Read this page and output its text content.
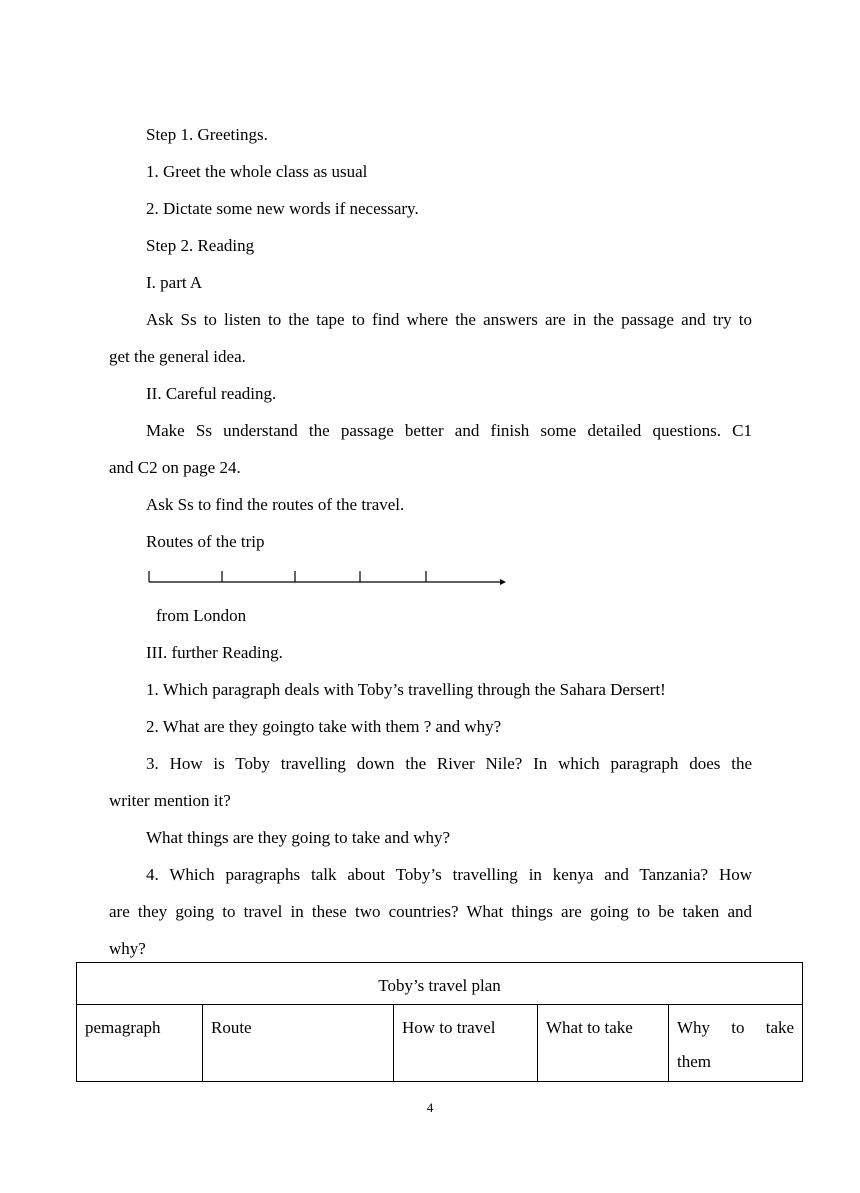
Step 1. Greetings.
1. Greet the whole class as usual
2. Dictate some new words if necessary.
Step 2. Reading
I. part A
Ask Ss to listen to the tape to find where the answers are in the passage and try to
get the general idea.
II. Careful reading.
Make Ss understand the passage better and finish some detailed questions. C1
and C2 on page 24.
Ask Ss to find the routes of the travel.
Routes of the trip
from London
III. further Reading.
1. Which paragraph deals with Toby’s travelling through the Sahara Dersert!
2. What are they goingto take with them ? and why?
3. How is Toby travelling down the River Nile? In which paragraph does the
writer mention it?
What things are they going to take and why?
4. Which paragraphs talk about Toby’s travelling in kenya and Tanzania? How
are they going to travel in these two countries? What things are going to be taken and
why?
Toby’s travel plan
pemagraph	Route	How to travel	What to take	Why to take
them
4
